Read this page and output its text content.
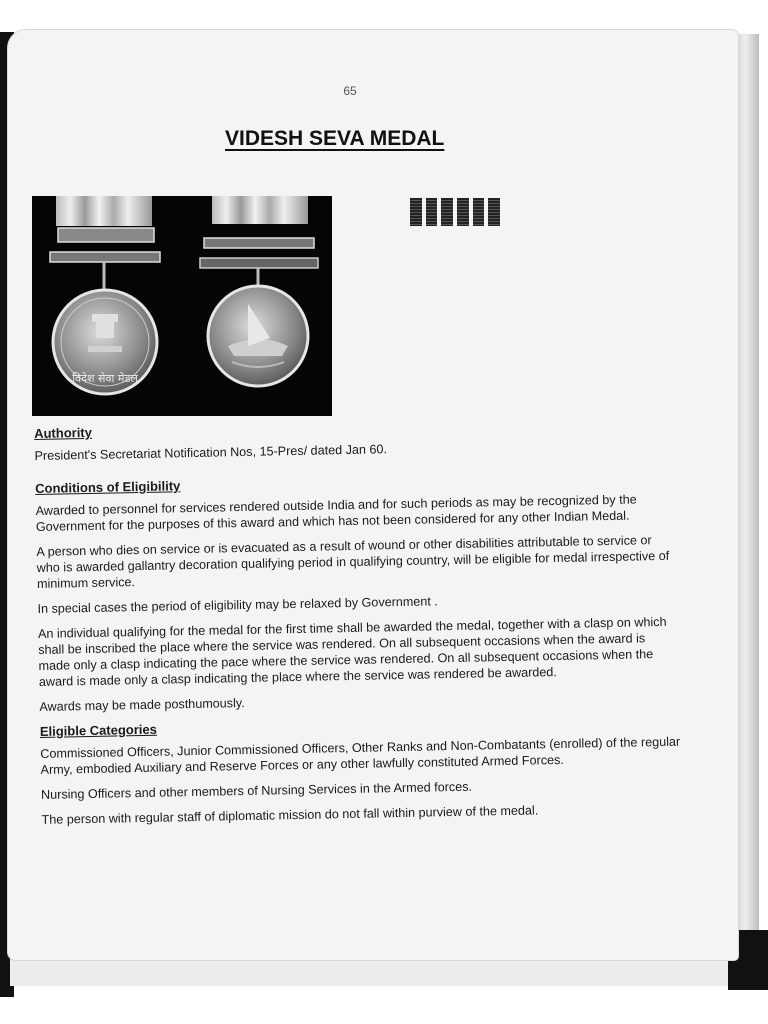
65
VIDESH SEVA MEDAL
विदेश सेवा मेडल

Authority

President's Secretariat Notification Nos, 15-Pres/ dated Jan 60.

Conditions of Eligibility

Awarded to personnel for services rendered outside India and for such periods as may be recognized by the Government for the purposes of this award and which has not been considered for any other Indian Medal.

A person who dies on service or is evacuated as a result of wound or other disabilities attributable to service or who is awarded gallantry decoration qualifying period in qualifying country, will be eligible for medal irrespective of minimum service.

In special cases the period of eligibility may be relaxed by Government .

An individual qualifying for the medal for the first time shall be awarded the medal, together with a clasp on which shall be inscribed the place where the service was rendered. On all subsequent occasions when the award is made only a clasp indicating the pace where the service was rendered. On all subsequent occasions when the award is made only a clasp indicating the place where the service was rendered be awarded.

Awards may be made posthumously.

Eligible Categories

Commissioned Officers, Junior Commissioned Officers, Other Ranks and Non-Combatants (enrolled) of the regular Army, embodied Auxiliary and Reserve Forces or any other lawfully constituted Armed Forces.

Nursing Officers and other members of Nursing Services in the Armed forces.

The person with regular staff of diplomatic mission do not fall within purview of the medal.
